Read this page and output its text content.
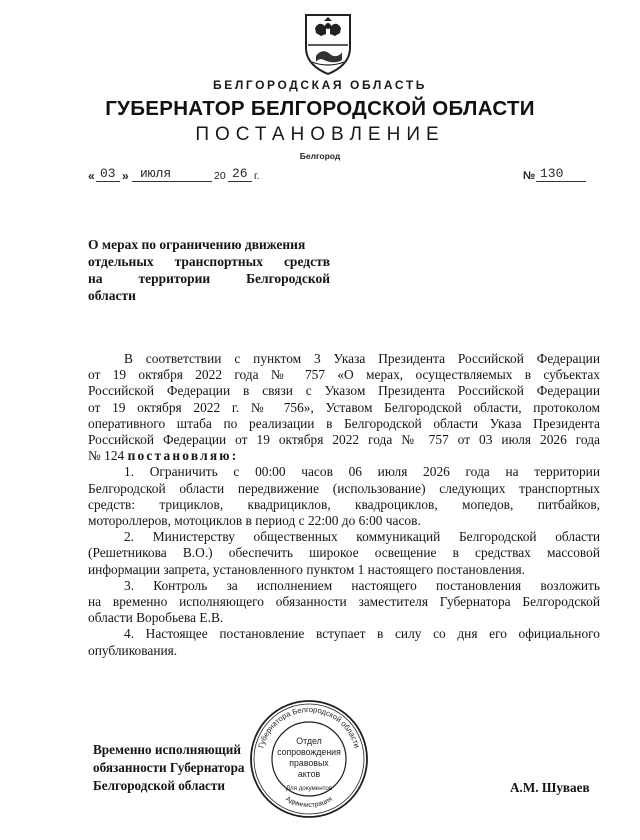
БЕЛГОРОДСКАЯ ОБЛАСТЬ
ГУБЕРНАТОР БЕЛГОРОДСКОЙ ОБЛАСТИ
ПОСТАНОВЛЕНИЕ
Белгород
« 03 » июля	20 26 г.	№ 130
О мерах по ограничению движения
отдельных транспортных средств
на	территории	Белгородской
области

В соответствии с пунктом 3 Указа Президента Российской Федерации
от 19 октября 2022 года № 757 «О мерах, осуществляемых в субъектах
Российской Федерации в связи с Указом Президента Российской Федерации
от 19 октября 2022 г. № 756», Уставом Белгородской области, протоколом
оперативного штаба по реализации в Белгородской области Указа Президента
Российской Федерации от 19 октября 2022 года № 757 от 03 июля 2026 года
№ 124 постановляю:

1. Ограничить с 00:00 часов 06 июля 2026 года на территории
Белгородской области передвижение (использование) следующих транспортных
средств: трициклов, квадрициклов, квадроциклов, мопедов, питбайков,
мотороллеров, мотоциклов в период с 22:00 до 6:00 часов.

2. Министерству общественных коммуникаций Белгородской области
(Решетникова В.О.) обеспечить широкое освещение в средствах массовой
информации запрета, установленного пунктом 1 настоящего постановления.

3. Контроль за исполнением настоящего постановления возложить
на временно исполняющего обязанности заместителя Губернатора Белгородской
области Воробьева Е.В.

4. Настоящее постановление вступает в силу со дня его официального
опубликования.

Временно исполняющий
обязанности Губернатора
Белгородской области
Губернатора Белгородской области
Администрация
Отдел
сопровождения
правовых
актов
Для документов	А.М. Шуваев
